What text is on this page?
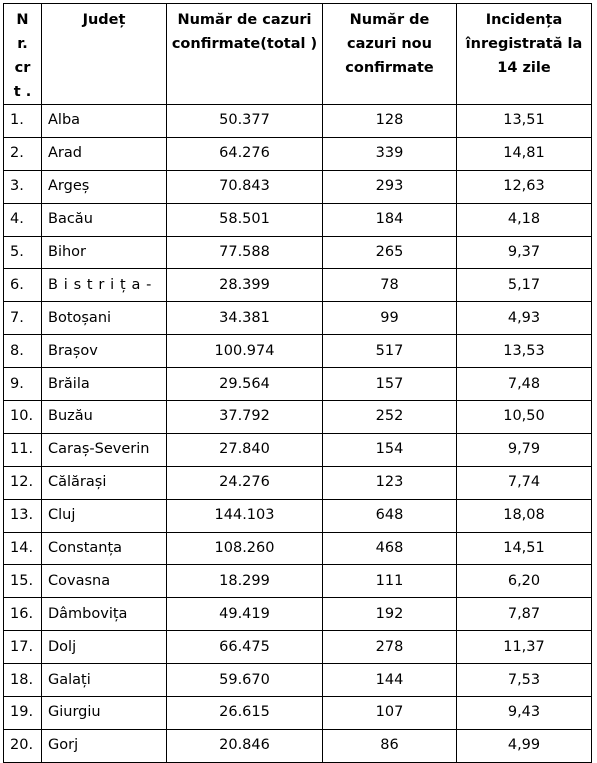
Nr. crt .	Județ	Număr de cazuri confirmate(total )	Număr de cazuri nou confirmate	Incidența înregistrată la 14 zile
1.	Alba	50.377	128	13,51
2.	Arad	64.276	339	14,81
3.	Argeș	70.843	293	12,63
4.	Bacău	58.501	184	4,18
5.	Bihor	77.588	265	9,37
6.	Bistrița-	28.399	78	5,17
7.	Botoșani	34.381	99	4,93
8.	Brașov	100.974	517	13,53
9.	Brăila	29.564	157	7,48
10.	Buzău	37.792	252	10,50
11.	Caraș-Severin	27.840	154	9,79
12.	Călărași	24.276	123	7,74
13.	Cluj	144.103	648	18,08
14.	Constanța	108.260	468	14,51
15.	Covasna	18.299	111	6,20
16.	Dâmbovița	49.419	192	7,87
17.	Dolj	66.475	278	11,37
18.	Galați	59.670	144	7,53
19.	Giurgiu	26.615	107	9,43
20.	Gorj	20.846	86	4,99
